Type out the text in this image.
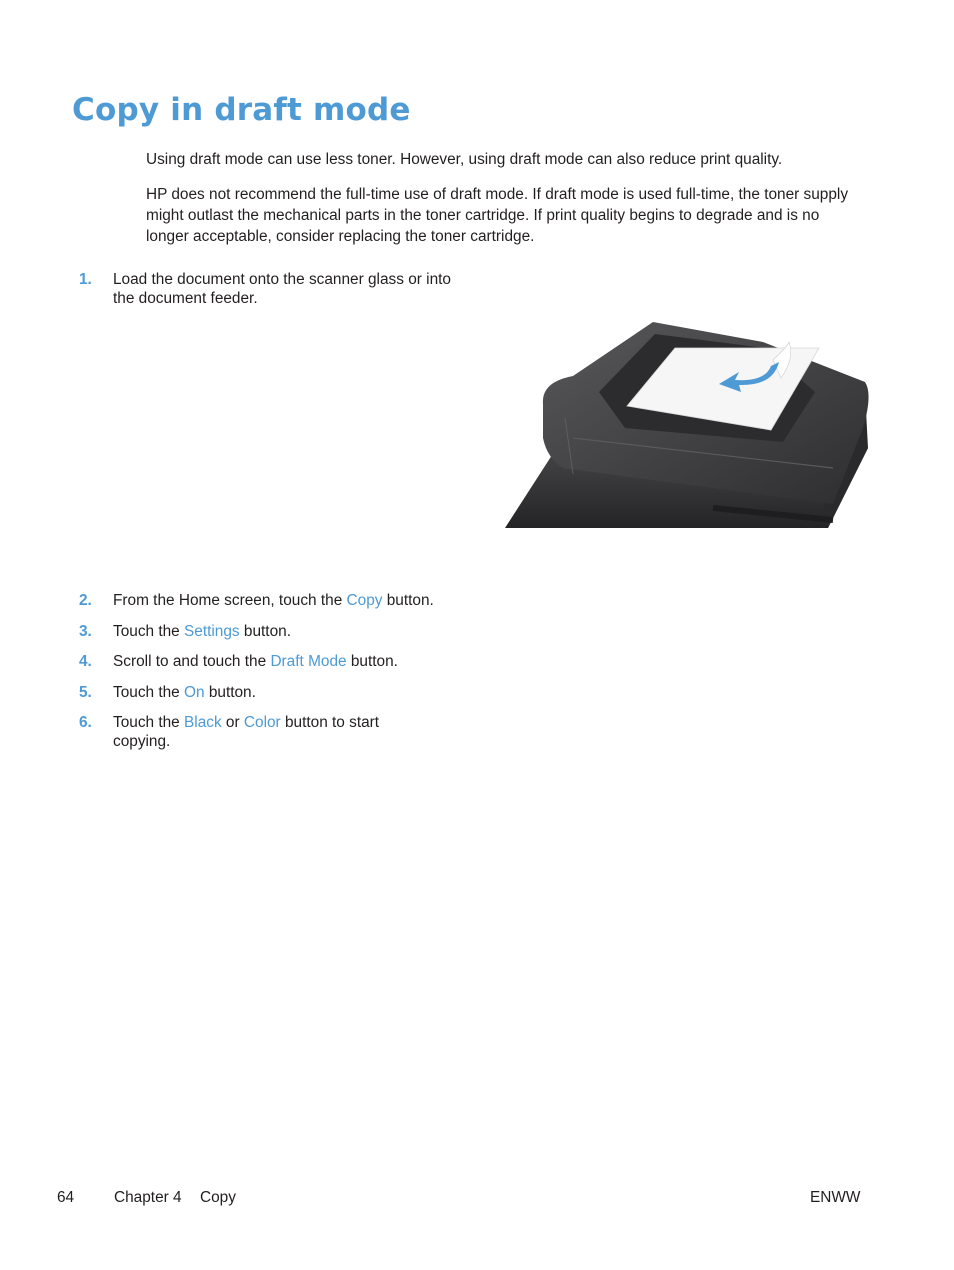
Copy in draft mode

Using draft mode can use less toner. However, using draft mode can also reduce print quality.

HP does not recommend the full-time use of draft mode. If draft mode is used full-time, the toner supply might outlast the mechanical parts in the toner cartridge. If print quality begins to degrade and is no longer acceptable, consider replacing the toner cartridge.

1. Load the document onto the scanner glass or into the document feeder.
2. From the Home screen, touch the Copy button.
3. Touch the Settings button.
4. Scroll to and touch the Draft Mode button.
5. Touch the On button.
6. Touch the Black or Color button to start copying.
64	Chapter 4 Copy	ENWW
